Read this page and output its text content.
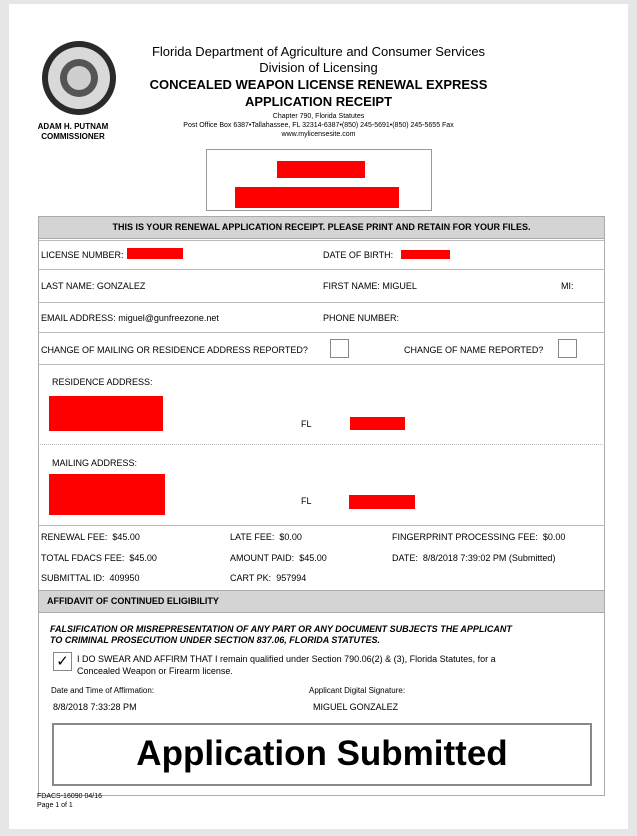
ADAM H. PUTNAM
COMMISSIONER
Florida Department of Agriculture and Consumer Services
Division of Licensing
CONCEALED WEAPON LICENSE RENEWAL EXPRESS
APPLICATION RECEIPT
Chapter 790, Florida Statutes
Post Office Box 6387•Tallahassee, FL 32314-6387•(850) 245-5691•(850) 245-5655 Fax
www.mylicensesite.com
THIS IS YOUR RENEWAL APPLICATION RECEIPT. PLEASE PRINT AND RETAIN FOR YOUR FILES.
LICENSE NUMBER:	DATE OF BIRTH:
LAST NAME: GONZALEZ	FIRST NAME: MIGUEL	MI:
EMAIL ADDRESS: miguel@gunfreezone.net	PHONE NUMBER:
CHANGE OF MAILING OR RESIDENCE ADDRESS REPORTED?	CHANGE OF NAME REPORTED?
RESIDENCE ADDRESS:
FL
MAILING ADDRESS:
FL
RENEWAL FEE: $45.00	LATE FEE: $0.00	FINGERPRINT PROCESSING FEE: $0.00
TOTAL FDACS FEE: $45.00	AMOUNT PAID: $45.00	DATE: 8/8/2018 7:39:02 PM (Submitted)
SUBMITTAL ID: 409950	CART PK: 957994
AFFIDAVIT OF CONTINUED ELIGIBILITY
FALSIFICATION OR MISREPRESENTATION OF ANY PART OR ANY DOCUMENT SUBJECTS THE APPLICANT
TO CRIMINAL PROSECUTION UNDER SECTION 837.06, FLORIDA STATUTES.
✓ I DO SWEAR AND AFFIRM THAT I remain qualified under Section 790.06(2) & (3), Florida Statutes, for a
Concealed Weapon or Firearm license.
Date and Time of Affirmation:
8/8/2018 7:33:28 PM
Applicant Digital Signature:
MIGUEL GONZALEZ
Application Submitted
FDACS-16090 04/16
Page 1 of 1
